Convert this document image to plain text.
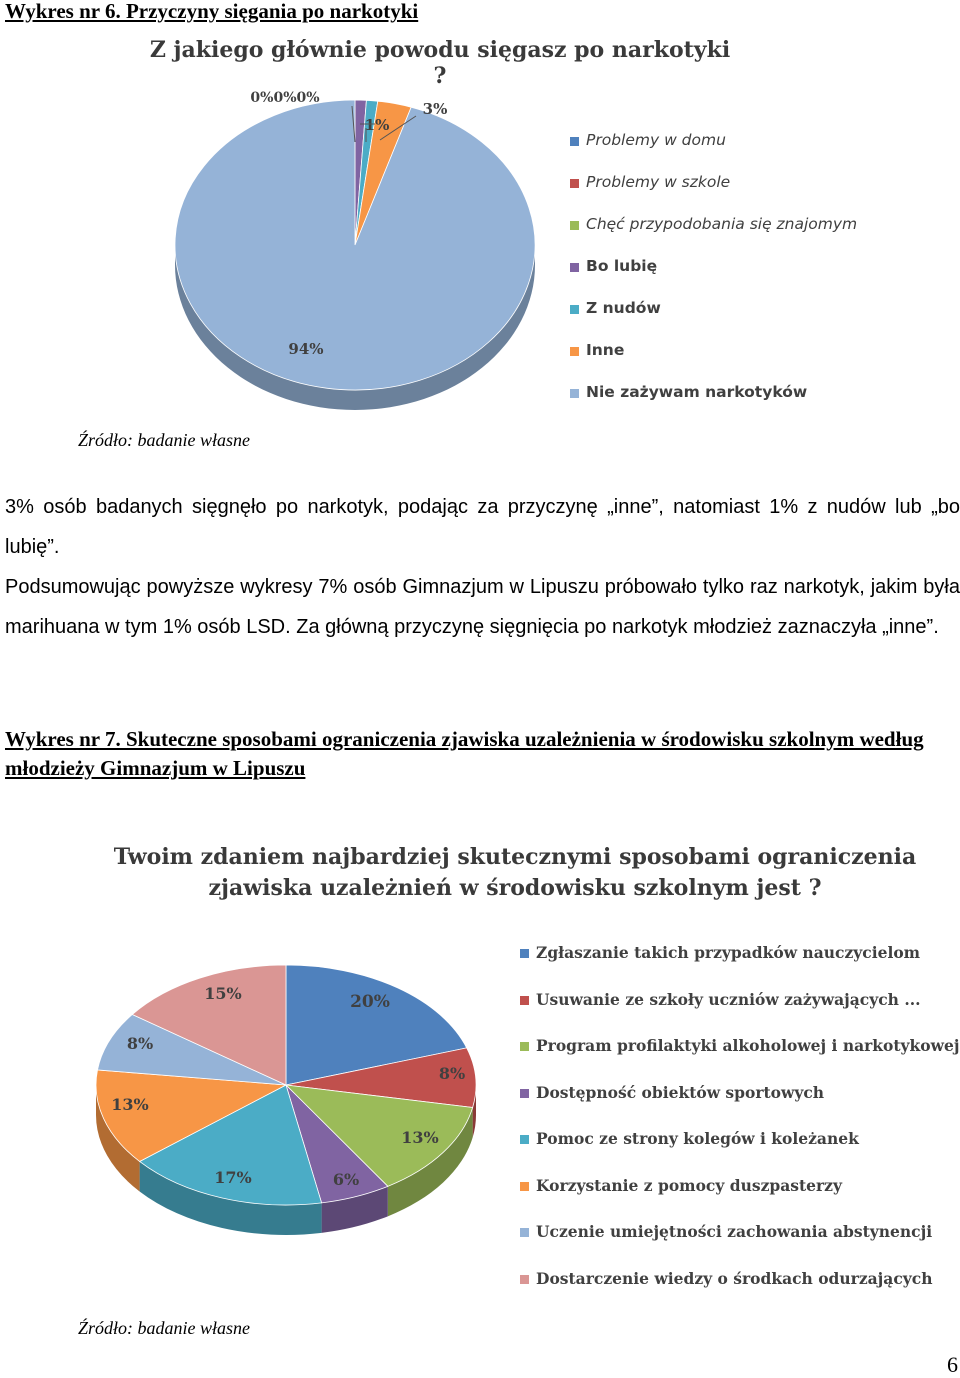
Wykres nr 6. Przyczyny sięgania po narkotyki

Z jakiego głównie powodu sięgasz po narkotyki ?
1%
3%
94%
0%0%0%
Problemy w domu
Problemy w szkole
Chęć przypodobania się znajomym
Bo lubię
Z nudów
Inne
Nie zażywam narkotyków
Źródło: badanie własne

3% osób badanych sięgnęło po narkotyk, podając za przyczynę „inne”, natomiast 1% z nudów lub „bo lubię”.

Podsumowując powyższe wykresy 7% osób Gimnazjum w Lipuszu próbowało tylko raz narkotyk, jakim była marihuana w tym 1% osób LSD. Za główną przyczynę sięgnięcia po narkotyk młodzież zaznaczyła „inne”.

Wykres nr 7. Skuteczne sposobami ograniczenia zjawiska uzależnienia w środowisku szkolnym według młodzieży Gimnazjum w Lipuszu

Twoim zdaniem najbardziej skutecznymi sposobami ograniczenia
zjawiska uzależnień w środowisku szkolnym jest ?
20%
8%
13%
6%
17%
13%
8%
15%
Zgłaszanie takich przypadków nauczycielom
Usuwanie ze szkoły uczniów zażywających ...
Program profilaktyki alkoholowej i narkotykowej
Dostępność obiektów sportowych
Pomoc ze strony kolegów i koleżanek
Korzystanie z pomocy duszpasterzy
Uczenie umiejętności zachowania abstynencji
Dostarczenie wiedzy o środkach odurzających
Źródło: badanie własne
6
